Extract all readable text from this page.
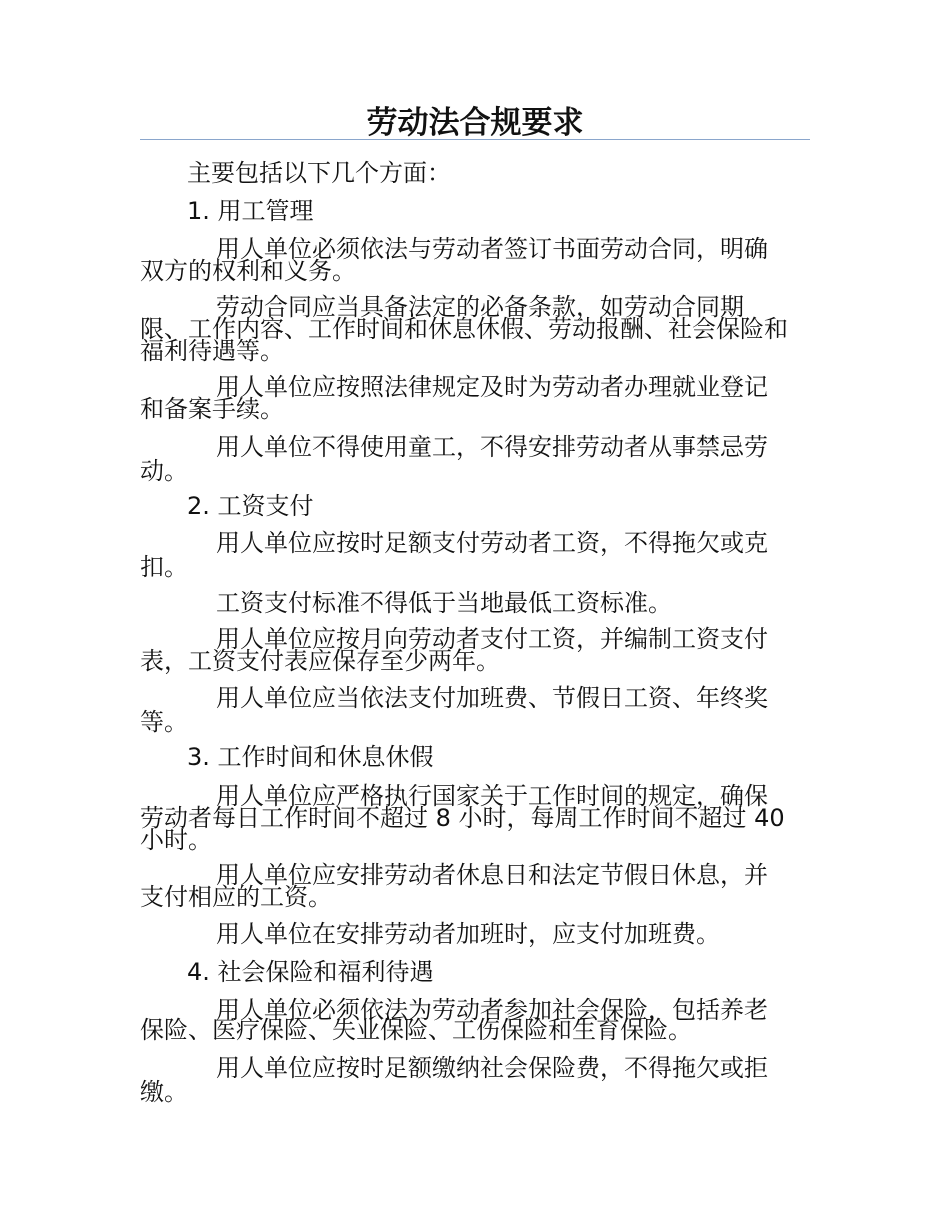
劳动法合规要求

主要包括以下几个方面：

1. 用工管理

用人单位必须依法与劳动者签订书面劳动合同，明确
双方的权利和义务。
劳动合同应当具备法定的必备条款，如劳动合同期
限、工作内容、工作时间和休息休假、劳动报酬、社会保险和
福利待遇等。
用人单位应按照法律规定及时为劳动者办理就业登记
和备案手续。
用人单位不得使用童工，不得安排劳动者从事禁忌劳
动。

2. 工资支付

用人单位应按时足额支付劳动者工资，不得拖欠或克
扣。
工资支付标准不得低于当地最低工资标准。
用人单位应按月向劳动者支付工资，并编制工资支付
表，工资支付表应保存至少两年。
用人单位应当依法支付加班费、节假日工资、年终奖
等。

3. 工作时间和休息休假

用人单位应严格执行国家关于工作时间的规定，确保
劳动者每日工作时间不超过 8 小时，每周工作时间不超过 40
小时。
用人单位应安排劳动者休息日和法定节假日休息，并
支付相应的工资。
用人单位在安排劳动者加班时，应支付加班费。

4. 社会保险和福利待遇

用人单位必须依法为劳动者参加社会保险，包括养老
保险、医疗保险、失业保险、工伤保险和生育保险。
用人单位应按时足额缴纳社会保险费，不得拖欠或拒
缴。
